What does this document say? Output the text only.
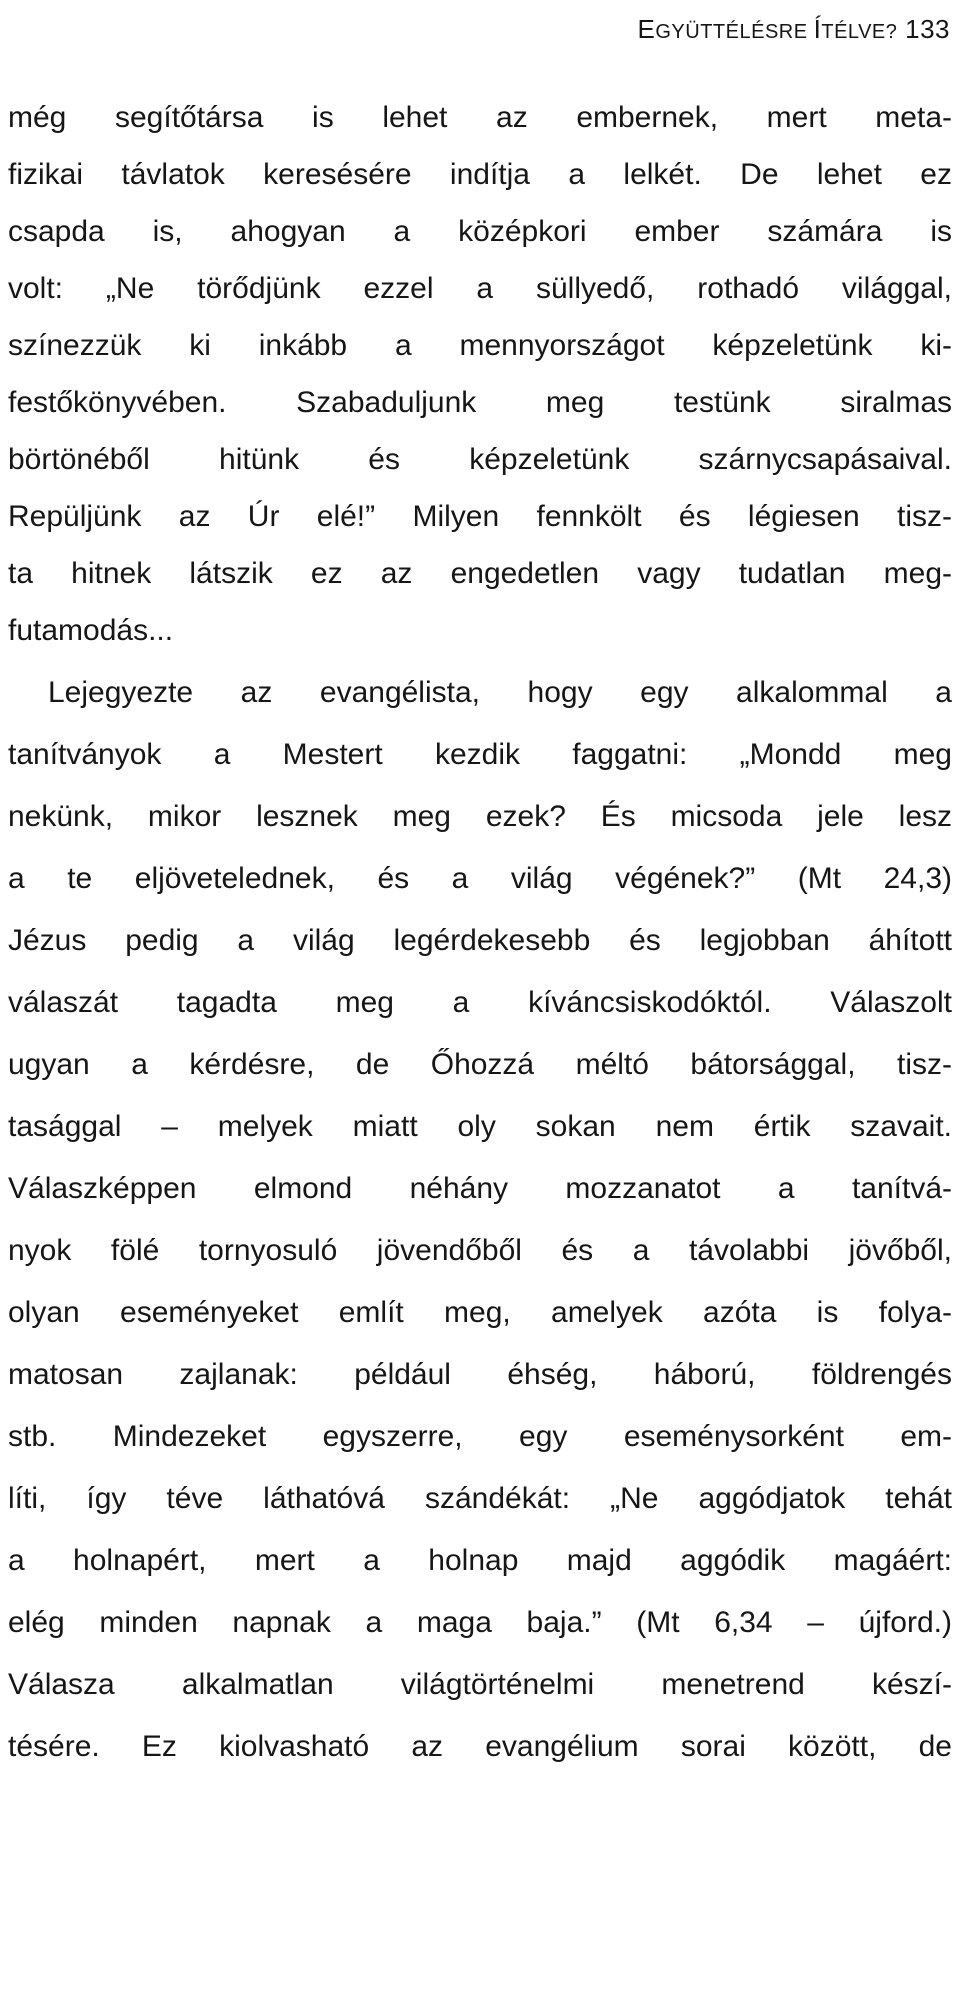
EGYÜTTÉLÉSRE ÍTÉLVE? 133
még segítőtársa is lehet az embernek, mert meta-
fizikai távlatok keresésére indítja a lelkét. De lehet ez
csapda is, ahogyan a középkori ember számára is
volt: „Ne törődjünk ezzel a süllyedő, rothadó világgal,
színezzük ki inkább a mennyországot képzeletünk ki-
festőkönyvében. Szabaduljunk meg testünk siralmas
börtönéből hitünk és képzeletünk szárnycsapásaival.
Repüljünk az Úr elé!” Milyen fennkölt és légiesen tisz-
ta hitnek látszik ez az engedetlen vagy tudatlan meg-
futamodás...
Lejegyezte az evangélista, hogy egy alkalommal a
tanítványok a Mestert kezdik faggatni: „Mondd meg
nekünk, mikor lesznek meg ezek? És micsoda jele lesz
a te eljövetelednek, és a világ végének?” (Mt 24,3)
Jézus pedig a világ legérdekesebb és legjobban áhított
válaszát tagadta meg a kíváncsiskodóktól. Válaszolt
ugyan a kérdésre, de Őhozzá méltó bátorsággal, tisz-
tasággal – melyek miatt oly sokan nem értik szavait.
Válaszképpen elmond néhány mozzanatot a tanítvá-
nyok fölé tornyosuló jövendőből és a távolabbi jövőből,
olyan eseményeket említ meg, amelyek azóta is folya-
matosan zajlanak: például éhség, háború, földrengés
stb. Mindezeket egyszerre, egy eseménysorként em-
líti, így téve láthatóvá szándékát: „Ne aggódjatok tehát
a holnapért, mert a holnap majd aggódik magáért:
elég minden napnak a maga baja.” (Mt 6,34 – újford.)
Válasza alkalmatlan világtörténelmi menetrend készí-
tésére. Ez kiolvasható az evangélium sorai között, de
